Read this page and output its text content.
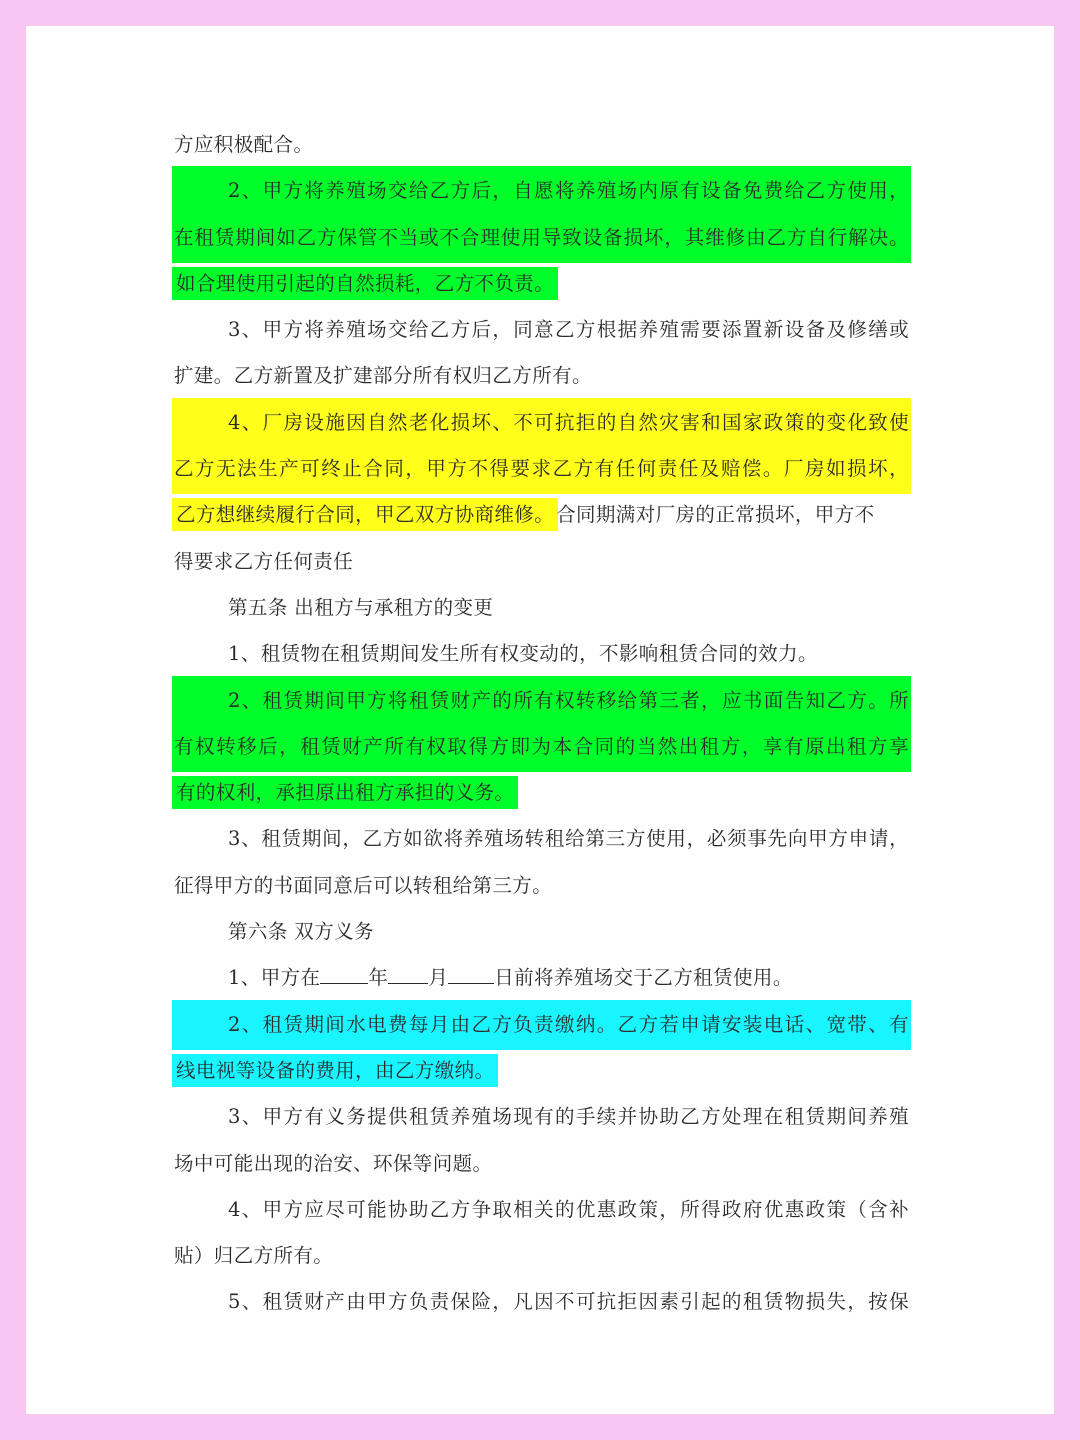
方应积极配合。
2、甲方将养殖场交给乙方后，自愿将养殖场内原有设备免费给乙方使用，
在租赁期间如乙方保管不当或不合理使用导致设备损坏，其维修由乙方自行解决。
如合理使用引起的自然损耗，乙方不负责。
3、甲方将养殖场交给乙方后，同意乙方根据养殖需要添置新设备及修缮或
扩建。乙方新置及扩建部分所有权归乙方所有。
4、厂房设施因自然老化损坏、不可抗拒的自然灾害和国家政策的变化致使
乙方无法生产可终止合同，甲方不得要求乙方有任何责任及赔偿。厂房如损坏，
乙方想继续履行合同，甲乙双方协商维修。 合同期满对厂房的正常损坏，甲方不
得要求乙方任何责任
第五条 出租方与承租方的变更
1、租赁物在租赁期间发生所有权变动的，不影响租赁合同的效力。
2、租赁期间甲方将租赁财产的所有权转移给第三者，应书面告知乙方。所
有权转移后，租赁财产所有权取得方即为本合同的当然出租方，享有原出租方享
有的权利，承担原出租方承担的义务。
3、租赁期间，乙方如欲将养殖场转租给第三方使用，必须事先向甲方申请，
征得甲方的书面同意后可以转租给第三方。
第六条 双方义务
1、甲方在 年 月 日前将养殖场交于乙方租赁使用。
2、租赁期间水电费每月由乙方负责缴纳。乙方若申请安装电话、宽带、有
线电视等设备的费用，由乙方缴纳。
3、甲方有义务提供租赁养殖场现有的手续并协助乙方处理在租赁期间养殖
场中可能出现的治安、环保等问题。
4、甲方应尽可能协助乙方争取相关的优惠政策，所得政府优惠政策（含补
贴）归乙方所有。
5、租赁财产由甲方负责保险，凡因不可抗拒因素引起的租赁物损失，按保
